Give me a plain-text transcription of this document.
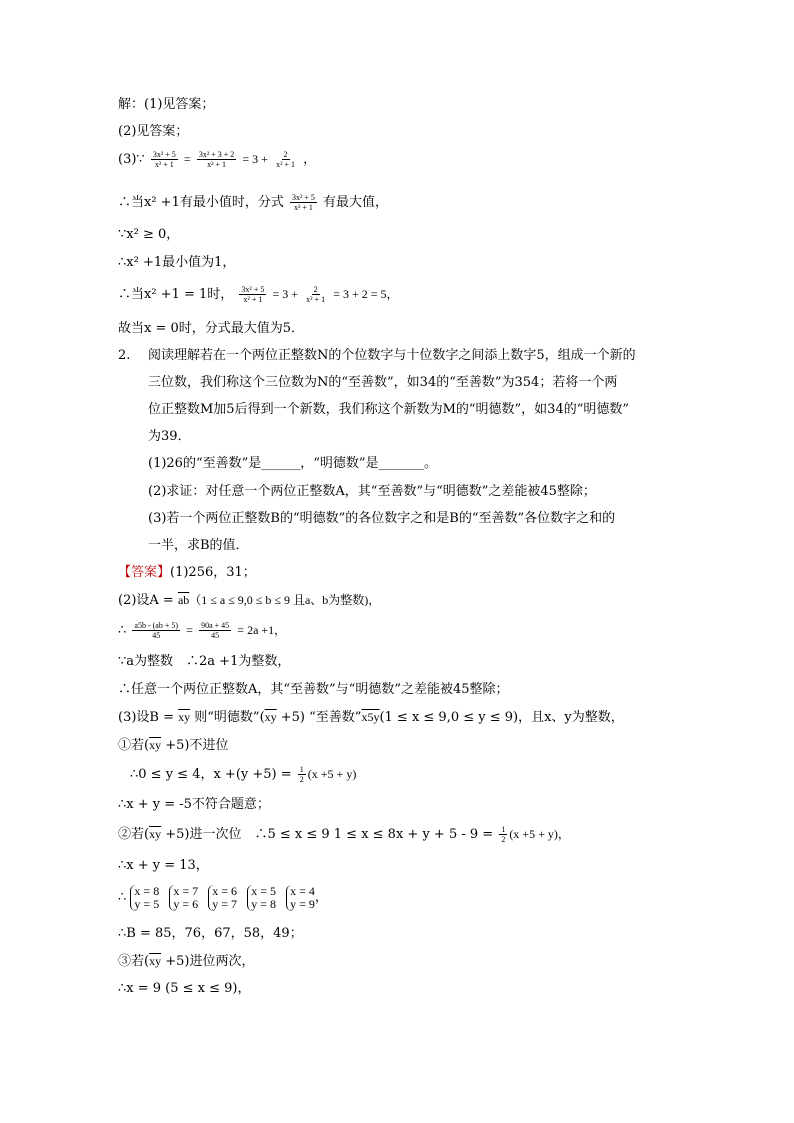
解：(1)见答案；
(2)见答案；
(3)∵ $\frac{\text{3x² + 5}}{\text{x² + 1}} = \frac{\text{3x² + 3 + 2}}{\text{x² + 1}} = 3 + \frac{2}{\text{x² + 1}}$ ，
∴当x² +1有最小值时，分式 $\frac{\text{3x² + 5}}{\text{x² + 1}}$ 有最大值，
∵x² ≥ 0，
∴x² +1最小值为1，
∴当x² +1 = 1时， $\frac{\text{3x² + 5}}{\text{x² + 1}} = 3 + \frac{2}{\text{x² + 1}} = 3 + 2 = 5$，
故当x = 0时，分式最大值为5．
2. 阅读理解若在一个两位正整数N的个位数字与十位数字之间添上数字5，组成一个新的
三位数，我们称这个三位数为N的“至善数”，如34的“至善数”为354；若将一个两
位正整数M加5后得到一个新数，我们称这个新数为M的“明德数”，如34的“明德数”
为39．
(1)26的“至善数”是______，“明德数”是_______。
(2)求证：对任意一个两位正整数A，其“至善数”与“明德数”之差能被45整除；
(3)若一个两位正整数B的“明德数”的各位数字之和是B的“至善数”各位数字之和的
一半，求B的值．
【答案】(1)256，31；
(2)设$A = \overline{ab}(1 \le a \le 9,0 \le b \le 9$ 且a、b为整数)，
∴ $\frac{a5b - (ab + 5)}{45} = \frac{90a + 45}{45} = 2a +1$，
∵a为整数　∴2a +1为整数，
∴任意一个两位正整数A，其“至善数”与“明德数”之差能被45整除；
(3)设$B = \overline{xy}$ 则“明德数$”(\overline{xy} +5)$ “至善数”x5y(1 ≤ x ≤ 9,0 ≤ y ≤ 9)，且x、y为整数，
①若$(\overline{xy} +5)$不进位
∴0 ≤ y ≤ 4，$x +(y +5) = \frac{1}{2} (x +5 + y)$
∴x + y = -5不符合题意；
②若$(\overline{xy} +5)$进一次位　∴5 ≤ x ≤ 9 $1 \le x \le 8x + y + 5 - 9 = \frac{1}{2} (x +5 + y)$，
∴x + y = 13，
∴ x = 8
y = 5

x = 7
y = 6

x = 6
y = 7

x = 5
y = 8

x = 4
y = 9 ，
∴B = 85，76，67，58，49；
③若$(\overline{xy} +5)$进位两次，
∴x = 9 (5 ≤ x ≤ 9)，
